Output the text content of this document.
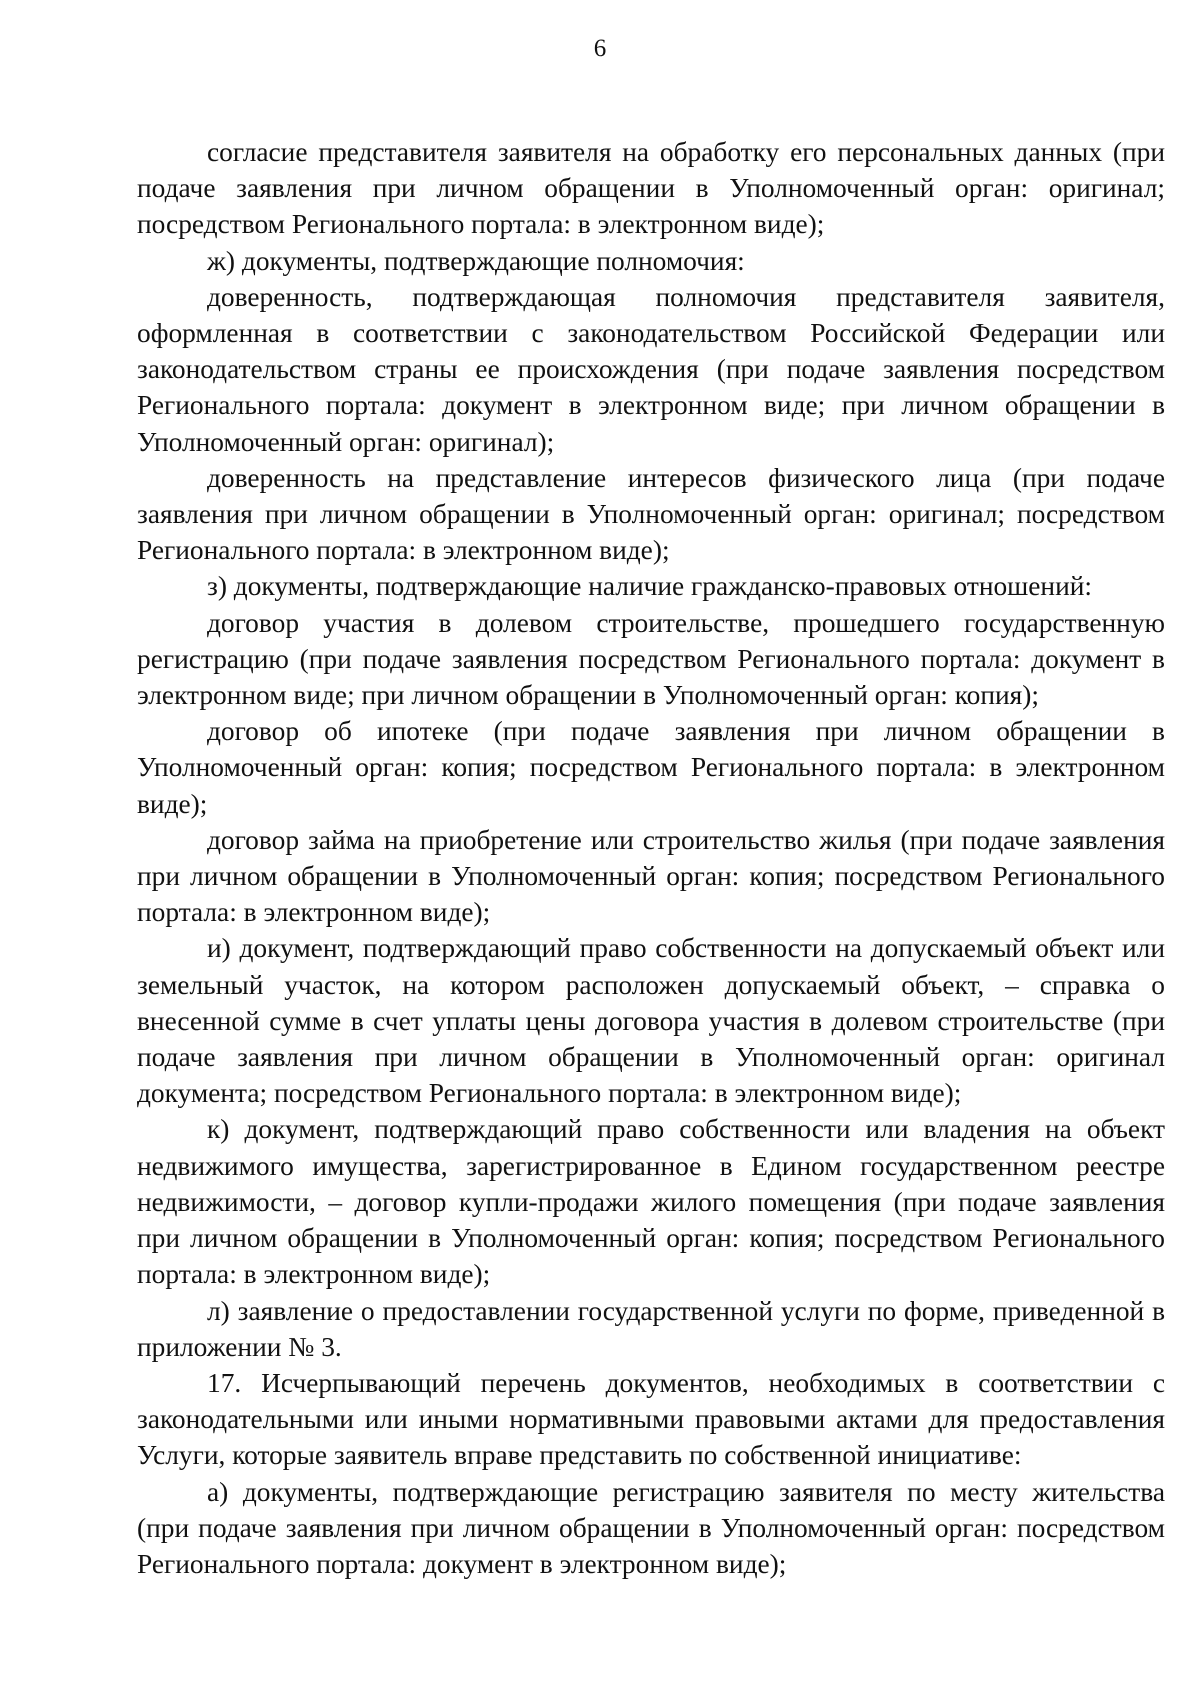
6

согласие представителя заявителя на обработку его персональных данных (при подаче заявления при личном обращении в Уполномоченный орган: оригинал; посредством Регионального портала: в электронном виде);

ж) документы, подтверждающие полномочия:

доверенность, подтверждающая полномочия представителя заявителя, оформленная в соответствии с законодательством Российской Федерации или законодательством страны ее происхождения (при подаче заявления посредством Регионального портала: документ в электронном виде; при личном обращении в Уполномоченный орган: оригинал);

доверенность на представление интересов физического лица (при подаче заявления при личном обращении в Уполномоченный орган: оригинал; посредством Регионального портала: в электронном виде);

з) документы, подтверждающие наличие гражданско-правовых отношений:

договор участия в долевом строительстве, прошедшего государственную регистрацию (при подаче заявления посредством Регионального портала: документ в электронном виде; при личном обращении в Уполномоченный орган: копия);

договор об ипотеке (при подаче заявления при личном обращении в Уполномоченный орган: копия; посредством Регионального портала: в электронном виде);

договор займа на приобретение или строительство жилья (при подаче заявления при личном обращении в Уполномоченный орган: копия; посредством Регионального портала: в электронном виде);

и) документ, подтверждающий право собственности на допускаемый объект или земельный участок, на котором расположен допускаемый объект, – справка о внесенной сумме в счет уплаты цены договора участия в долевом строительстве (при подаче заявления при личном обращении в Уполномоченный орган: оригинал документа; посредством Регионального портала: в электронном виде);

к) документ, подтверждающий право собственности или владения на объект недвижимого имущества, зарегистрированное в Едином государственном реестре недвижимости, – договор купли-продажи жилого помещения (при подаче заявления при личном обращении в Уполномоченный орган: копия; посредством Регионального портала: в электронном виде);

л) заявление о предоставлении государственной услуги по форме, приведенной в приложении № 3.

17. Исчерпывающий перечень документов, необходимых в соответствии с законодательными или иными нормативными правовыми актами для предоставления Услуги, которые заявитель вправе представить по собственной инициативе:

а) документы, подтверждающие регистрацию заявителя по месту жительства (при подаче заявления при личном обращении в Уполномоченный орган: посредством Регионального портала: документ в электронном виде);
